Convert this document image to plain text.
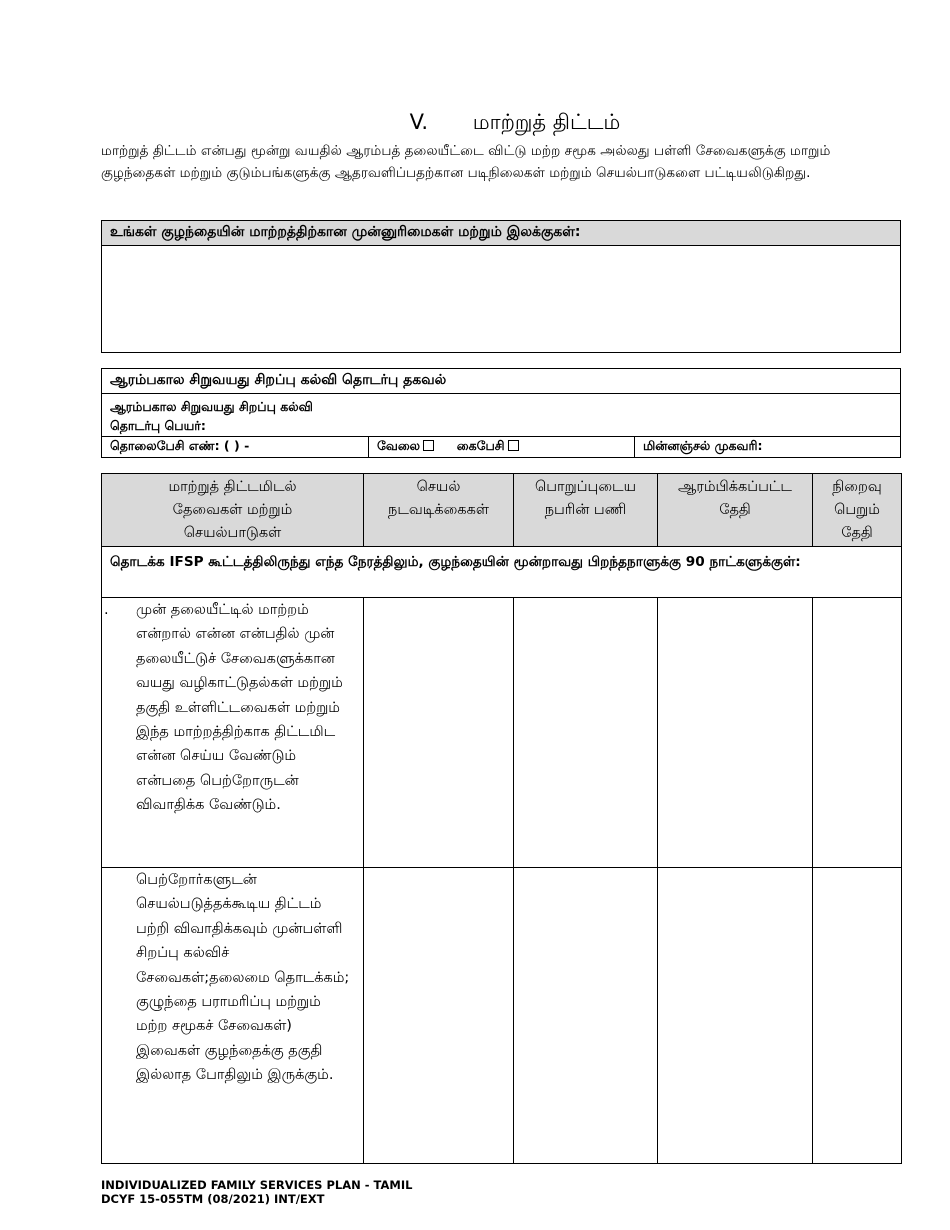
V. மாற்றுத் திட்டம்
மாற்றுத் திட்டம் என்பது மூன்று வயதில் ஆரம்பத் தலையீட்டை விட்டு மற்ற சமூக அல்லது பள்ளி சேவைகளுக்கு மாறும் குழந்தைகள் மற்றும் குடும்பங்களுக்கு ஆதரவளிப்பதற்கான படிநிலைகள் மற்றும் செயல்பாடுகளை பட்டியலிடுகிறது.
உங்கள் குழந்தையின் மாற்றத்திற்கான முன்னுரிமைகள் மற்றும் இலக்குகள்:
ஆரம்பகால சிறுவயது சிறப்பு கல்வி தொடர்பு தகவல்
ஆரம்பகால சிறுவயது சிறப்பு கல்வி
தொடர்பு பெயர்:
தொலைபேசி எண்: ( ) -	வேலை	கைபேசி	மின்னஞ்சல் முகவரி:
மாற்றுத் திட்டமிடல் தேவைகள் மற்றும் செயல்பாடுகள்	செயல் நடவடிக்கைகள்	பொறுப்புடைய நபரின் பணி	ஆரம்பிக்கப்பட்ட தேதி	நிறைவு பெறும் தேதி
தொடக்க IFSP கூட்டத்திலிருந்து எந்த நேரத்திலும், குழந்தையின் மூன்றாவது பிறந்தநாளுக்கு 90 நாட்களுக்குள்:				

. முன் தலையீட்டில் மாற்றம் என்றால் என்ன என்பதில் முன் தலையீட்டுச் சேவைகளுக்கான வயது வழிகாட்டுதல்கள் மற்றும் தகுதி உள்ளிட்டவைகள் மற்றும் இந்த மாற்றத்திற்காக திட்டமிட என்ன செய்ய வேண்டும் என்பதை பெற்றோருடன் விவாதிக்க வேண்டும்.				

பெற்றோர்களுடன் செயல்படுத்தக்கூடிய திட்டம் பற்றி விவாதிக்கவும் முன்பள்ளி சிறப்பு கல்விச் சேவைகள்;தலைமை தொடக்கம்; குழுந்தை பராமரிப்பு மற்றும் மற்ற சமூகச் சேவைகள்) இவைகள் குழந்தைக்கு தகுதி இல்லாத போதிலும் இருக்கும்.				

INDIVIDUALIZED FAMILY SERVICES PLAN - TAMIL
DCYF 15-055TM (08/2021) INT/EXT
